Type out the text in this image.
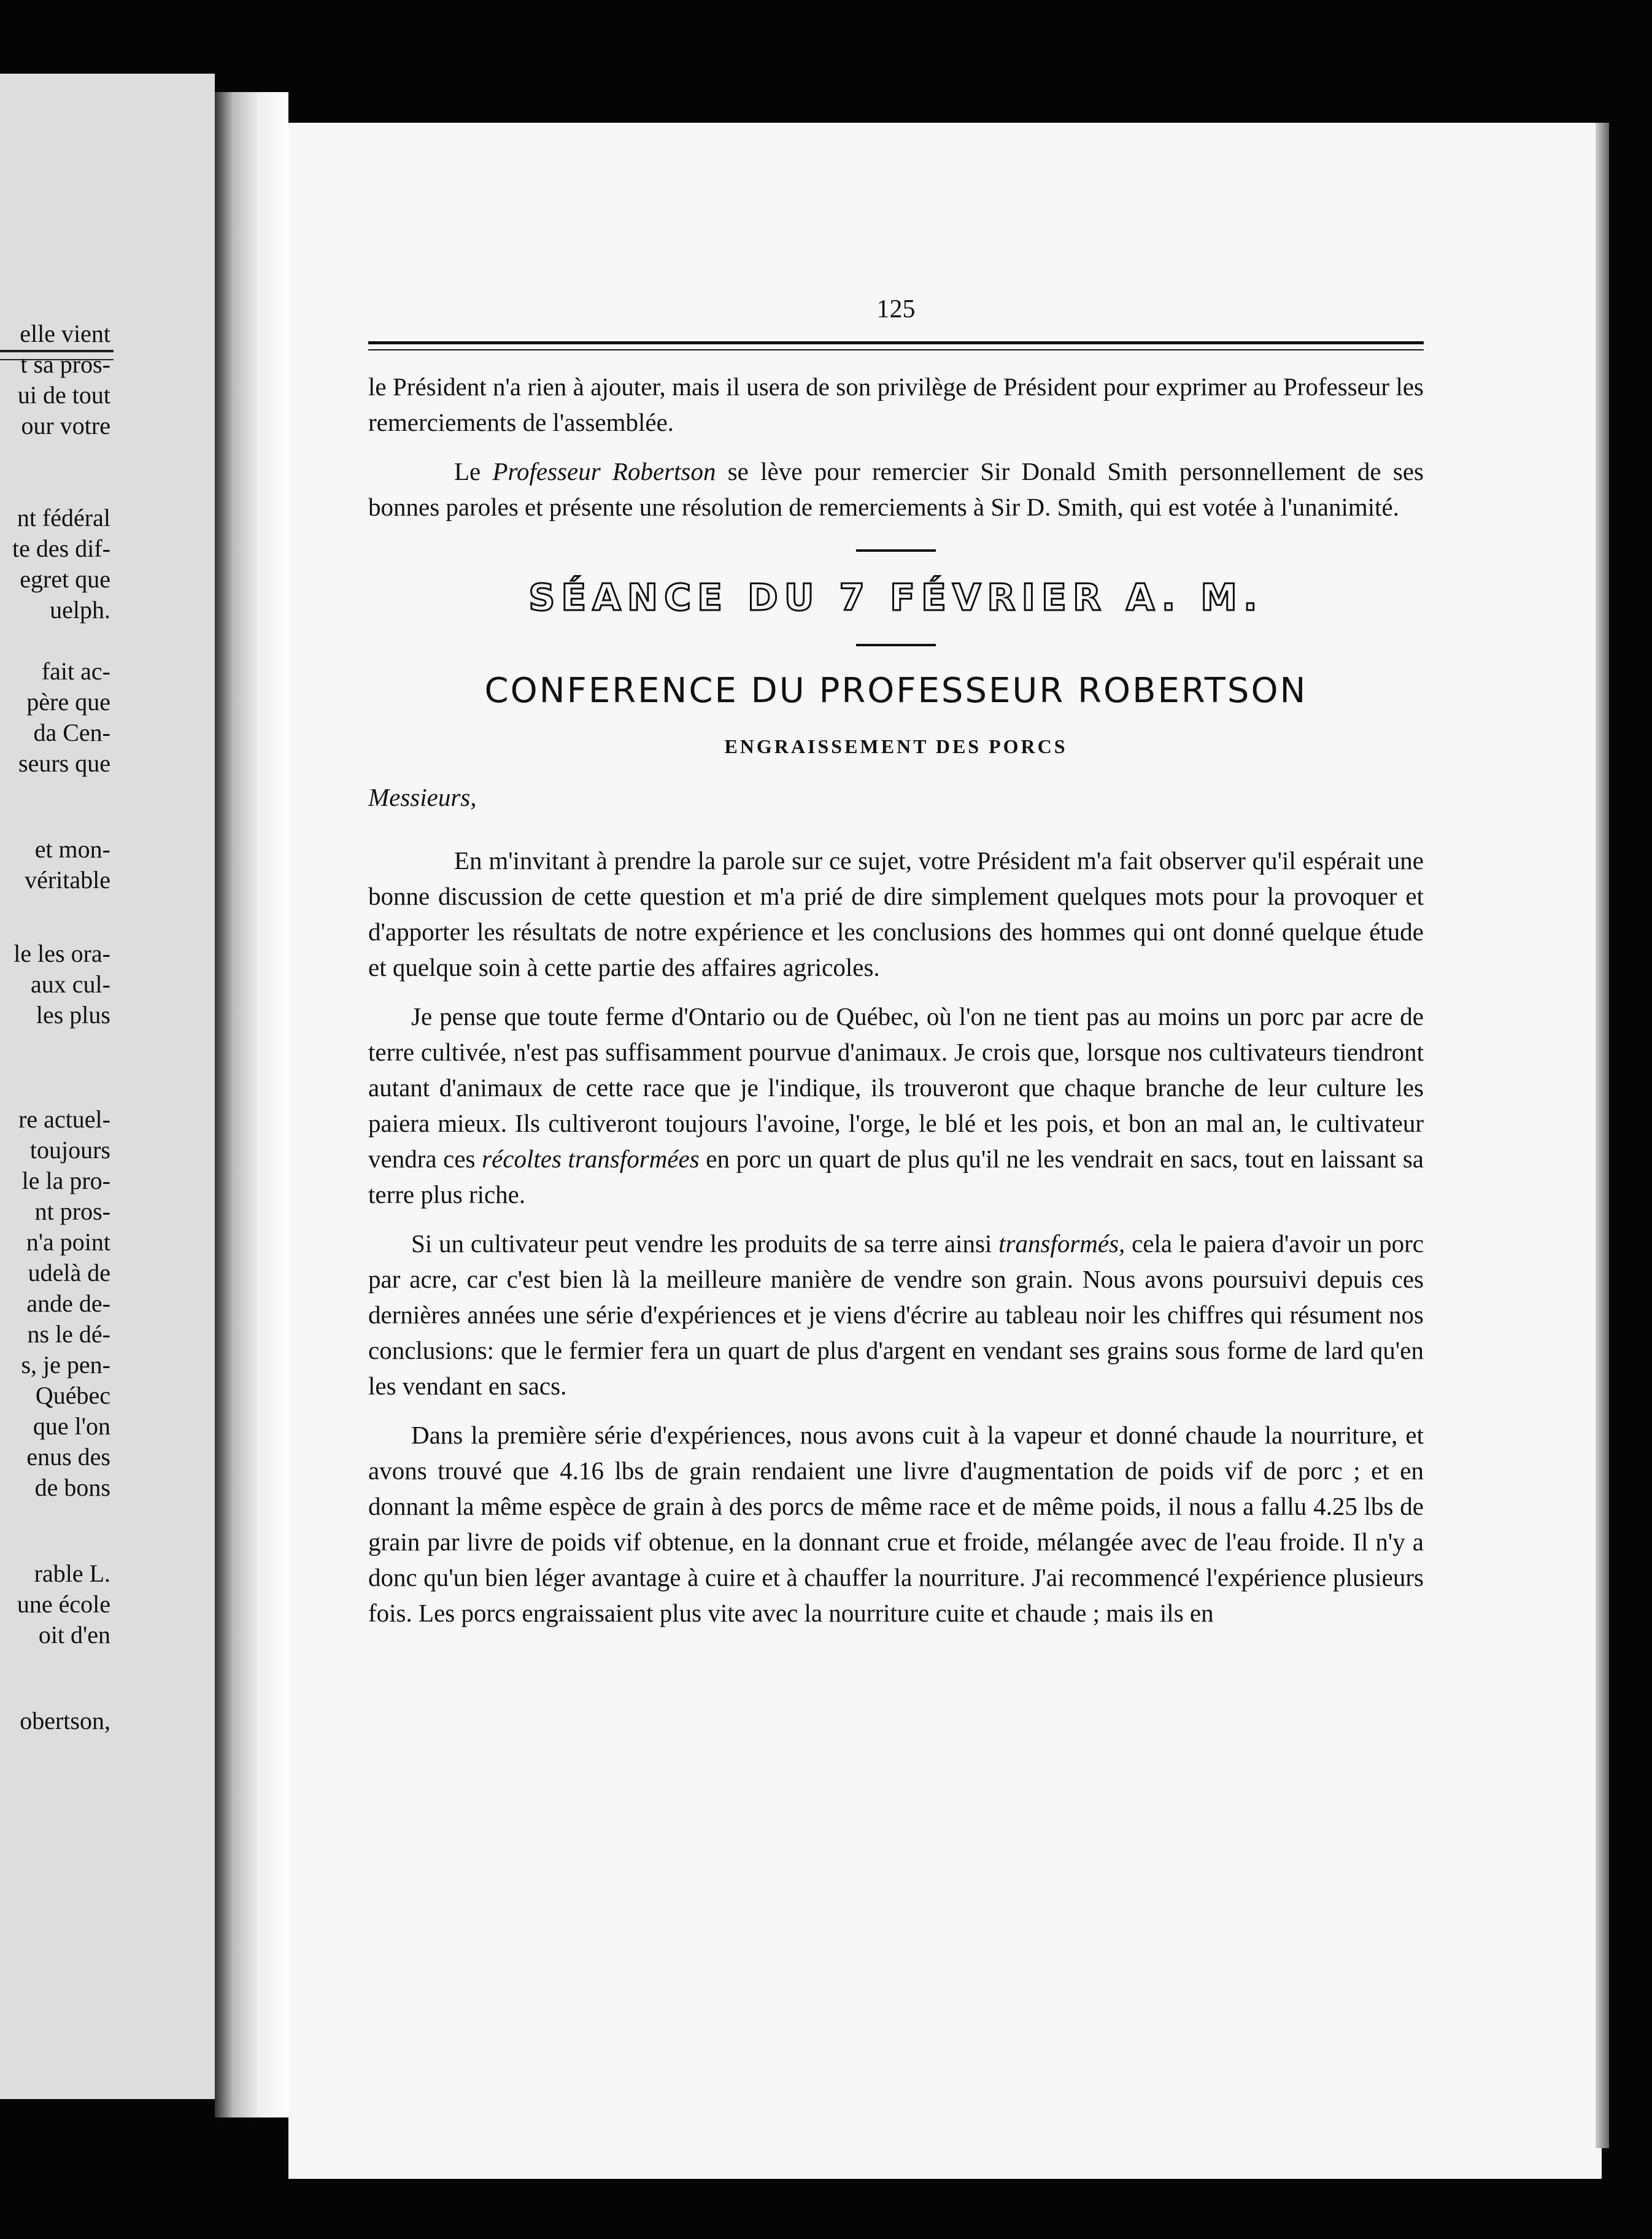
elle vient
t sa pros-
ui de tout
our votre
nt fédéral
te des dif-
egret que
uelph.
fait ac-
père que
da Cen-
seurs que
et mon-
véritable
le les ora-
aux cul-
les plus
re actuel-
toujours
le la pro-
nt pros-
n'a point
udelà de
ande de-
ns le dé-
s, je pen-
Québec
que l'on
enus des
de bons
rable L.
une école
oit d'en
obertson,
125

le Président n'a rien à ajouter, mais il usera de son privilège de Président pour exprimer au Professeur les remerciements de l'assemblée.

Le Professeur Robertson se lève pour remercier Sir Donald Smith personnellement de ses bonnes paroles et présente une résolution de remerciements à Sir D. Smith, qui est votée à l'unanimité.

SÉANCE DU 7 FÉVRIER A. M.
CONFERENCE DU PROFESSEUR ROBERTSON
ENGRAISSEMENT DES PORCS
Messieurs,

En m'invitant à prendre la parole sur ce sujet, votre Président m'a fait observer qu'il espérait une bonne discussion de cette question et m'a prié de dire simplement quelques mots pour la provoquer et d'apporter les résultats de notre expérience et les conclusions des hommes qui ont donné quelque étude et quelque soin à cette partie des affaires agricoles.

Je pense que toute ferme d'Ontario ou de Québec, où l'on ne tient pas au moins un porc par acre de terre cultivée, n'est pas suffisamment pourvue d'animaux. Je crois que, lorsque nos cultivateurs tiendront autant d'animaux de cette race que je l'indique, ils trouveront que chaque branche de leur culture les paiera mieux. Ils cultiveront toujours l'avoine, l'orge, le blé et les pois, et bon an mal an, le cultivateur vendra ces récoltes transformées en porc un quart de plus qu'il ne les vendrait en sacs, tout en laissant sa terre plus riche.

Si un cultivateur peut vendre les produits de sa terre ainsi transformés, cela le paiera d'avoir un porc par acre, car c'est bien là la meilleure manière de vendre son grain. Nous avons poursuivi depuis ces dernières années une série d'expériences et je viens d'écrire au tableau noir les chiffres qui résument nos conclusions: que le fermier fera un quart de plus d'argent en vendant ses grains sous forme de lard qu'en les vendant en sacs.

Dans la première série d'expériences, nous avons cuit à la vapeur et donné chaude la nourriture, et avons trouvé que 4.16 lbs de grain rendaient une livre d'augmentation de poids vif de porc ; et en donnant la même espèce de grain à des porcs de même race et de même poids, il nous a fallu 4.25 lbs de grain par livre de poids vif obtenue, en la donnant crue et froide, mélangée avec de l'eau froide. Il n'y a donc qu'un bien léger avantage à cuire et à chauffer la nourriture. J'ai recommencé l'expérience plusieurs fois. Les porcs engraissaient plus vite avec la nourriture cuite et chaude ; mais ils en
